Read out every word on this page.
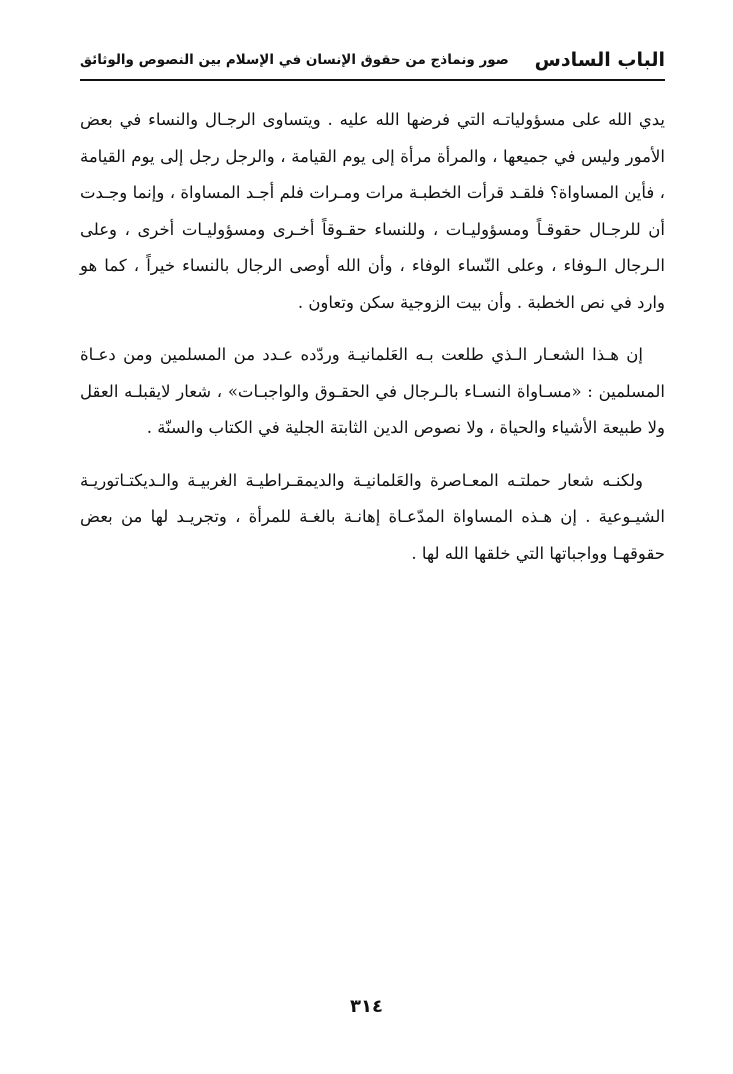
الباب السادس
صور ونماذج من حقوق الإنسان في الإسلام بين النصوص والوثائق

يدي الله على مسؤولياتـه التي فرضها الله عليه . ويتساوى الرجـال والنساء في بعض الأمور وليس في جميعها ، والمرأة مرأة إلى يوم القيامة ، والرجل رجل إلى يوم القيامة ، فأين المساواة؟ فلقـد قرأت الخطبـة مرات ومـرات فلم أجـد المساواة ، وإنما وجـدت أن للرجـال حقوقـاً ومسؤوليـات ، وللنساء حقـوقاً أخـرى ومسؤوليـات أخرى ، وعلى الـرجال الـوفاء ، وعلى النّساء الوفاء ، وأن الله أوصى الرجال بالنساء خيراً ، كما هو وارد في نص الخطبة . وأن بيت الزوجية سكن وتعاون .

إن هـذا الشعـار الـذي طلعت بـه العَلمانيـة وردّده عـدد من المسلمين ومن دعـاة المسلمين : «مسـاواة النسـاء بالـرجال في الحقـوق والواجبـات» ، شعار لايقبلـه العقل ولا طبيعة الأشياء والحياة ، ولا نصوص الدين الثابتة الجلية في الكتاب والسنّة .

ولكنـه شعار حملتـه المعـاصرة والعَلمانيـة والديمقـراطيـة الغربيـة والـديكتـاتوريـة الشيـوعية . إن هـذه المساواة المدّعـاة إهانـة بالغـة للمرأة ، وتجريـد لها من بعض حقوقهـا وواجباتها التي خلقها الله لها .

٣١٤
